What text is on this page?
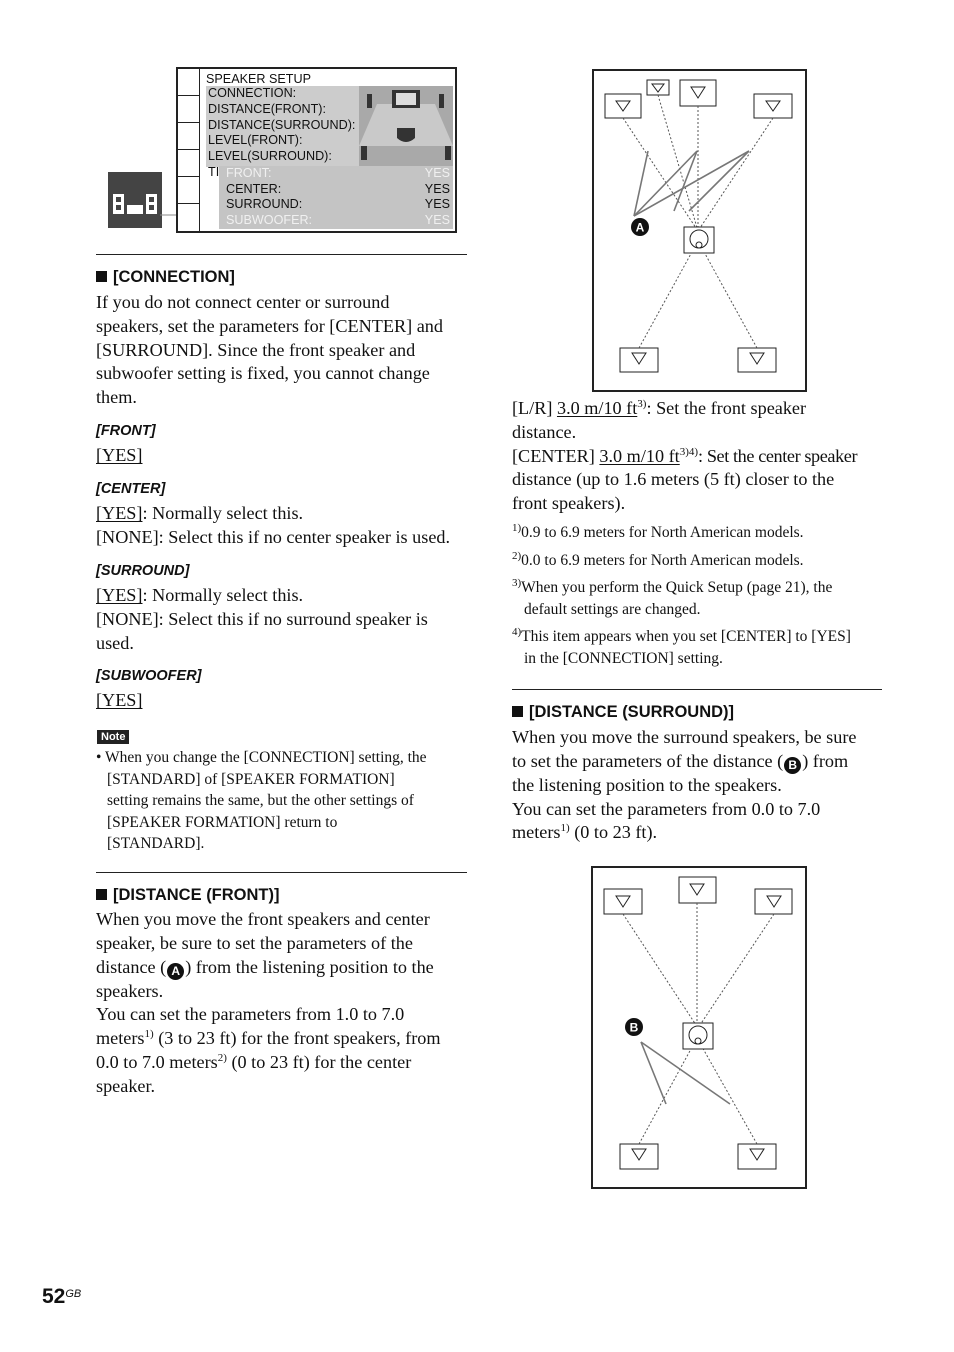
SPEAKER SETUP
CONNECTION:
DISTANCE(FRONT):
DISTANCE(SURROUND):
LEVEL(FRONT):
LEVEL(SURROUND):
TI FRONT:	YES
CENTER:	YES
SURROUND:	YES
SUBWOOFER:	YES
[CONNECTION]
If you do not connect center or surround
speakers, set the parameters for [CENTER] and
[SURROUND]. Since the front speaker and
subwoofer setting is fixed, you cannot change
them.
[FRONT]
[YES]
[CENTER]
[YES]: Normally select this.
[NONE]: Select this if no center speaker is used.
[SURROUND]
[YES]: Normally select this.
[NONE]: Select this if no surround speaker is
used.
[SUBWOOFER]
[YES]
Note
• When you change the [CONNECTION] setting, the
[STANDARD] of [SPEAKER FORMATION]
setting remains the same, but the other settings of
[SPEAKER FORMATION] return to
[STANDARD].
[DISTANCE (FRONT)]
When you move the front speakers and center
speaker, be sure to set the parameters of the
distance ( A ) from the listening position to the
speakers.
You can set the parameters from 1.0 to 7.0
meters$^{1)}$ (3 to 23 ft) for the front speakers, from
0.0 to 7.0 meters$^{2)}$ (0 to 23 ft) for the center
speaker.
A
[L/R] 3.0 m/10 $ft^{3)}$: Set the front speaker
distance.
[CENTER] 3.0 m/10 $ft^{3)4)}$: Set the center speaker
distance (up to 1.6 meters (5 ft) closer to the
front speakers).
$^{1)}$0.9 to 6.9 meters for North American models.
$^{2)}$0.0 to 6.9 meters for North American models.
$^{3)}$When you perform the Quick Setup (page 21), the
default settings are changed.
$^{4)}$This item appears when you set [CENTER] to [YES]
in the [CONNECTION] setting.
[DISTANCE (SURROUND)]
When you move the surround speakers, be sure
to set the parameters of the distance ( B ) from
the listening position to the speakers.
You can set the parameters from 0.0 to 7.0
meters$^{1)}$ (0 to 23 ft).
B
$52^{GB}$
